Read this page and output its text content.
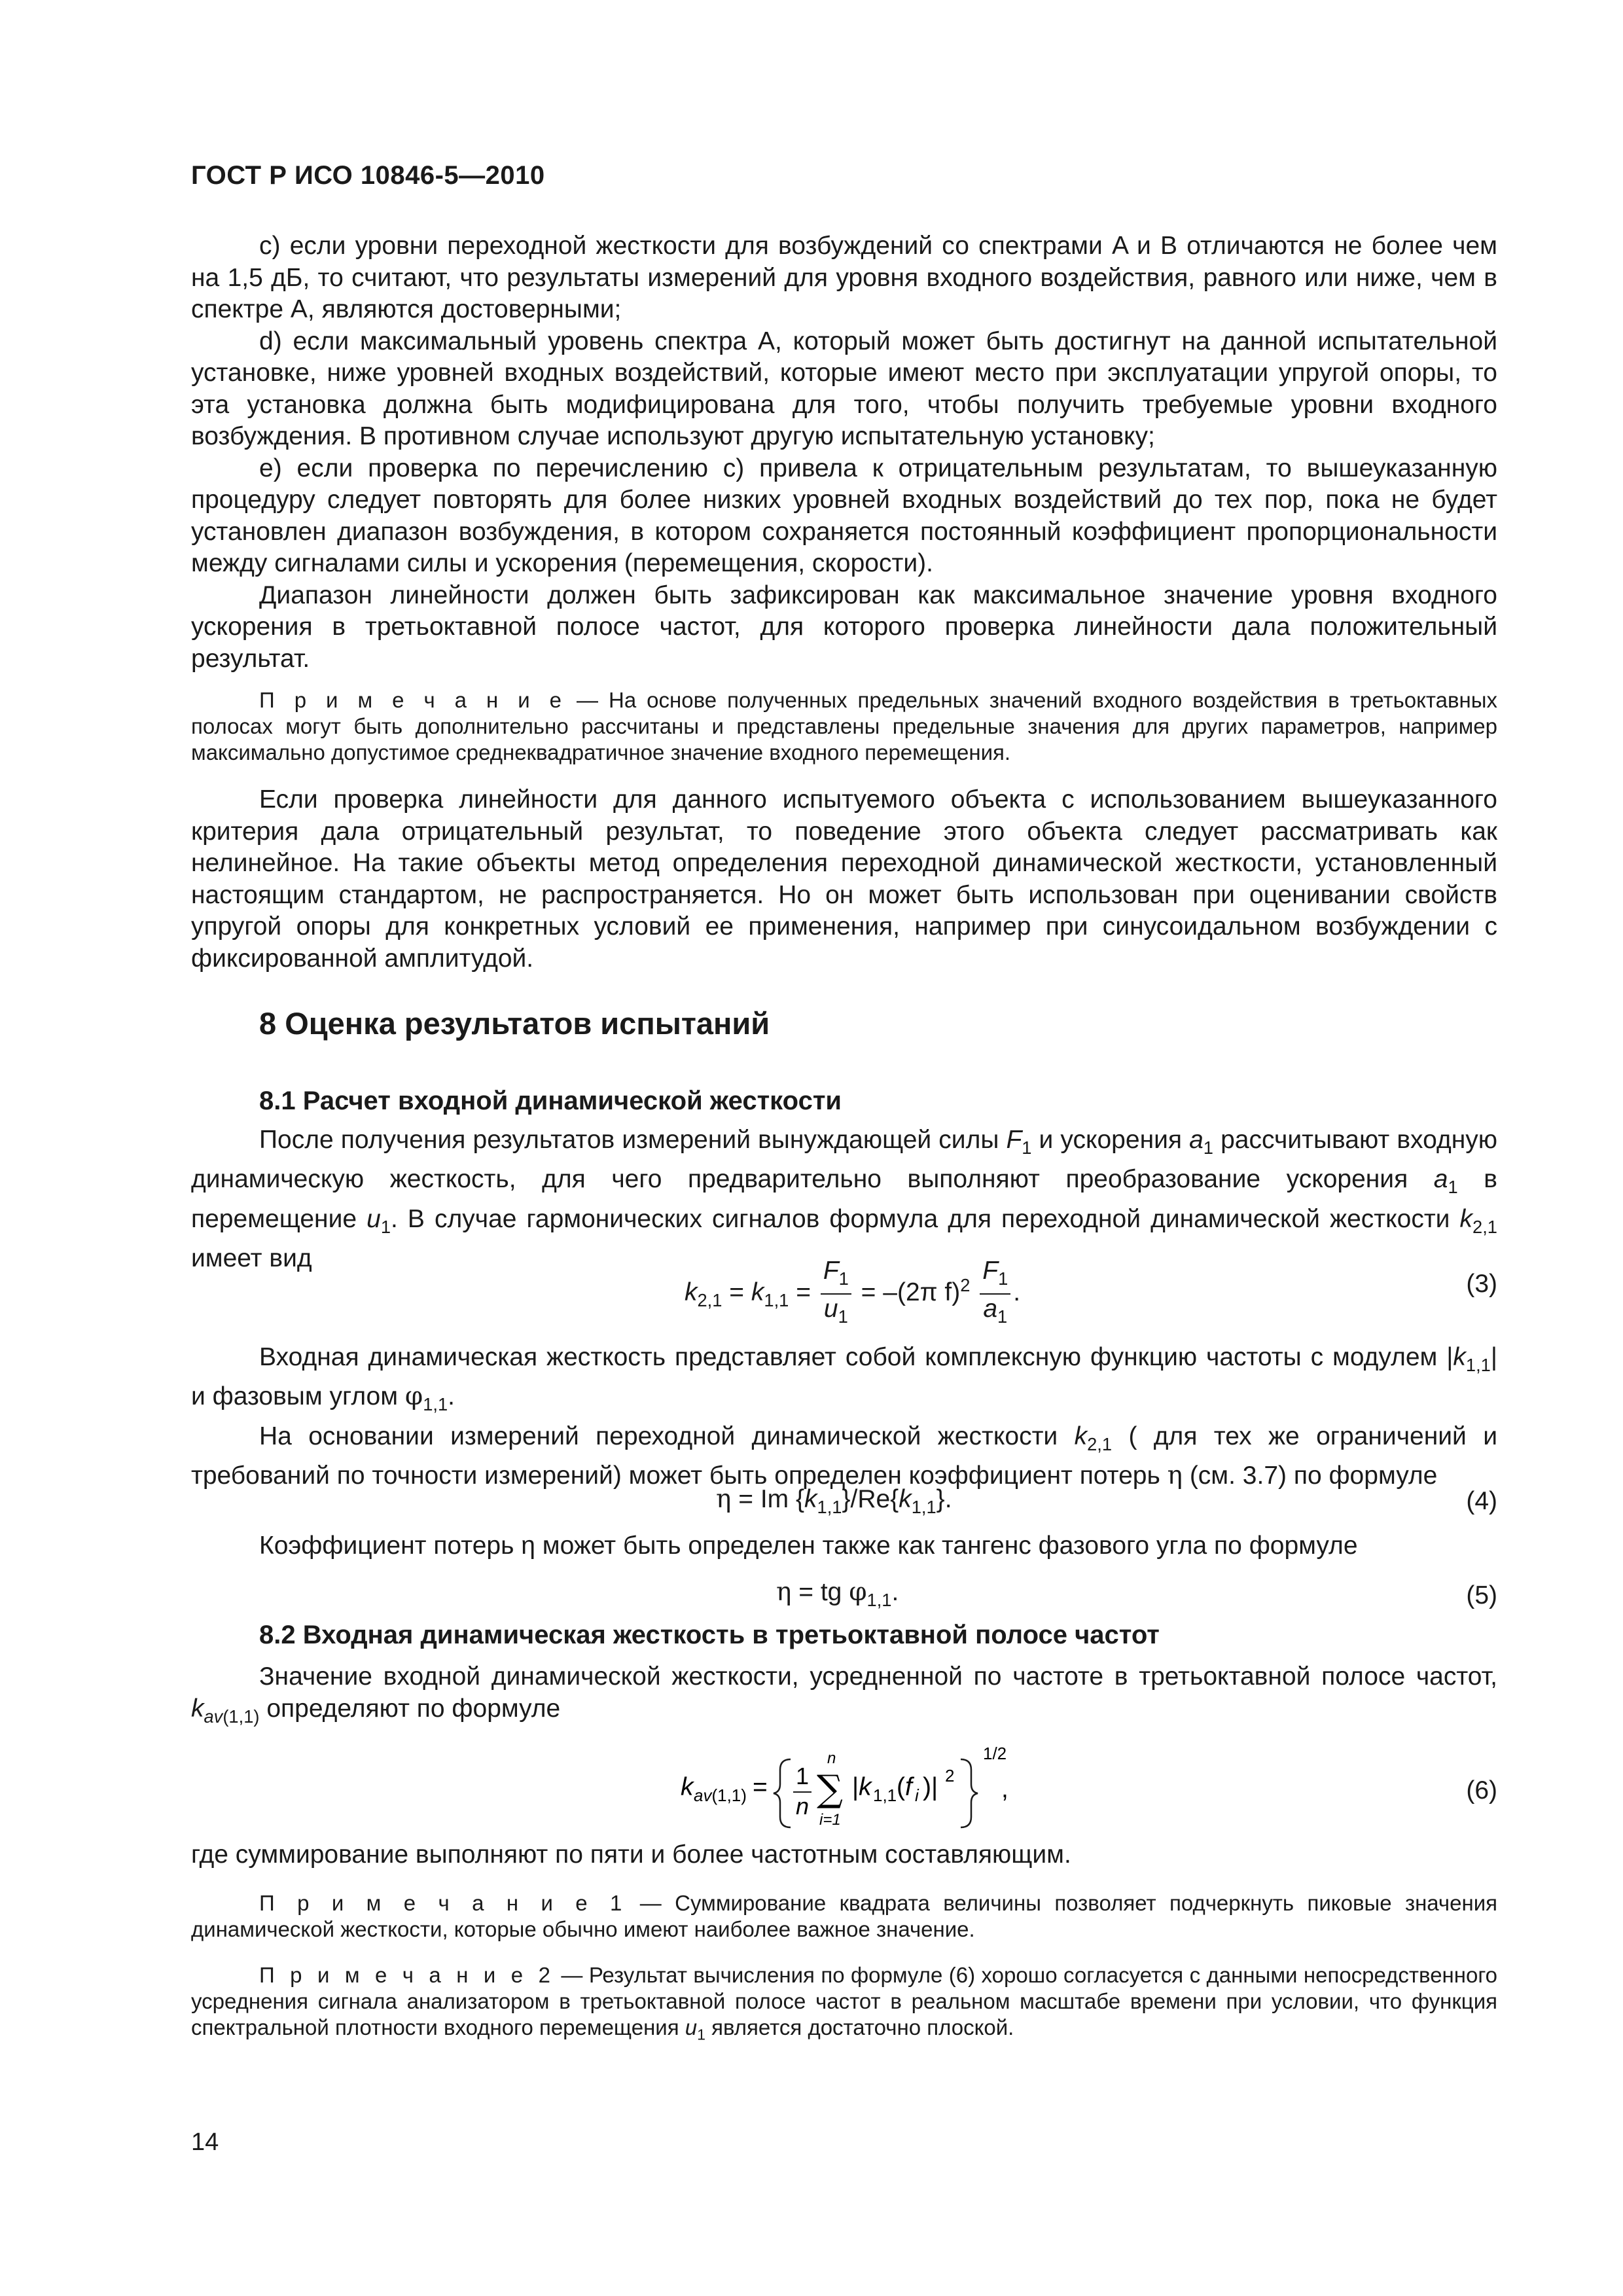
ГОСТ Р ИСО 10846-5—2010

c) если уровни переходной жесткости для возбуждений со спектрами A и B отличаются не более чем на 1,5 дБ, то считают, что результаты измерений для уровня входного воздействия, равного или ниже, чем в спектре A, являются достоверными;

d) если максимальный уровень спектра A, который может быть достигнут на данной испытательной установке, ниже уровней входных воздействий, которые имеют место при эксплуатации упругой опоры, то эта установка должна быть модифицирована для того, чтобы получить требуемые уровни входного возбуждения. В противном случае используют другую испытательную установку;

e) если проверка по перечислению c) привела к отрицательным результатам, то вышеуказанную процедуру следует повторять для более низких уровней входных воздействий до тех пор, пока не будет установлен диапазон возбуждения, в котором сохраняется постоянный коэффициент пропорциональности между сигналами силы и ускорения (перемещения, скорости).

Диапазон линейности должен быть зафиксирован как максимальное значение уровня входного ускорения в третьоктавной полосе частот, для которого проверка линейности дала положительный результат.

П р и м е ч а н и е — На основе полученных предельных значений входного воздействия в третьоктавных полосах могут быть дополнительно рассчитаны и представлены предельные значения для других параметров, например максимально допустимое среднеквадратичное значение входного перемещения.

Если проверка линейности для данного испытуемого объекта с использованием вышеуказанного критерия дала отрицательный результат, то поведение этого объекта следует рассматривать как нелинейное. На такие объекты метод определения переходной динамической жесткости, установленный настоящим стандартом, не распространяется. Но он может быть использован при оценивании свойств упругой опоры для конкретных условий ее применения, например при синусоидальном возбуждении с фиксированной амплитудой.

8 Оценка результатов испытаний
8.1 Расчет входной динамической жесткости

После получения результатов измерений вынуждающей силы $F_1$ и ускорения $a_1$ рассчитывают входную динамическую жесткость, для чего предварительно выполняют преобразование ускорения $a_1$ в перемещение $u_1$. В случае гармонических сигналов формула для переходной динамической жесткости $k_{2,1}$ имеет вид

$k_{2,1} = k_{1,1} = \frac{F_1}{u_1} = -(2\pi$ $f)^2 \frac{F_1}{a_1}$ .	(3)

Входная динамическая жесткость представляет собой комплексную функцию частоты с модулем $|k_{1,1}|$ и фазовым углом $\varphi_{1,1}$.

На основании измерений переходной динамической жесткости $k_{2,1}$ ( для тех же ограничений и требований по точности измерений) может быть определен коэффициент потерь η (см. 3.7) по формуле

η = Im $\{k_{1,1}\}/Re\{k_{1,1}\}$.	(4)

Коэффициент потерь η может быть определен также как тангенс фазового угла по формуле

η = tg $\varphi_{1,1}$.	(5)
8.2 Входная динамическая жесткость в третьоктавной полосе частот

Значение входной динамической жесткости, усредненной по частоте в третьоктавной полосе частот, $k_{av(1,1)}$ определяют по формуле

k av(1,1) = 1
n
n
∑
i=1
|k 1,1 (f i )| 2
1/2
,	(6)

где суммирование выполняют по пяти и более частотным составляющим.

П р и м е ч а н и е 1 — Суммирование квадрата величины позволяет подчеркнуть пиковые значения динамической жесткости, которые обычно имеют наиболее важное значение.

П р и м е ч а н и е 2 — Результат вычисления по формуле (6) хорошо согласуется с данными непосредственного усреднения сигнала анализатором в третьоктавной полосе частот в реальном масштабе времени при условии, что функция спектральной плотности входного перемещения $u_1$ является достаточно плоской.

14
